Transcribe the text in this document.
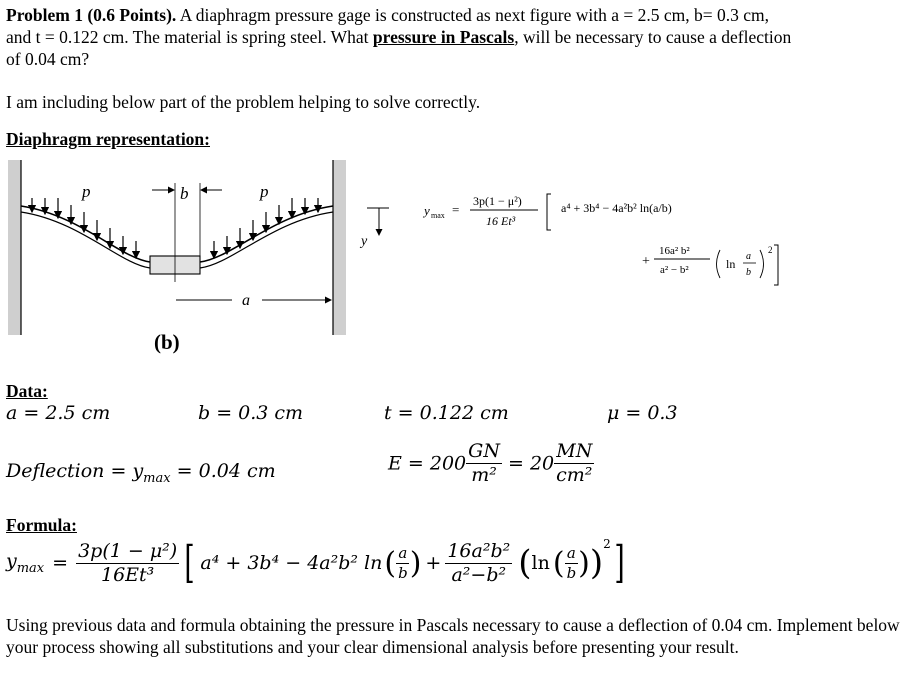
Problem 1 (0.6 Points). A diaphragm pressure gage is constructed as next figure with a = 2.5 cm, b= 0.3 cm,
and t = 0.122 cm. The material is spring steel. What pressure in Pascals, will be necessary to cause a deflection
of 0.04 cm?
I am including below part of the problem helping to solve correctly.
Diaphragm representation:
p	p
b
a
y
(b)
y max =
3p(1 − μ²)
16 Et³
a⁴ + 3b⁴ − 4a²b² ln(a/b)
+
16a² b²
a² − b²	ln
a
b
2
Data:
a = 2.5 cm	b = 0.3 cm	t = 0.122 cm	μ = 0.3
Deflection = $y_{max} = 0.04$ cm	$E = 200 \frac{GN}{\text{m²}} = 20 \frac{MN}{\text{cm²}}$
Formula:
$y_{max} = \frac{\text{3p(1 − μ²)}}{\text{16Et³}}$ [ a⁴ + 3b⁴ − 4a²b² ln ( $\frac{a}{b}$ ) + $\frac{\text{16a²b²}}{\text{a²−b²}}$ ( ln ( $\frac{a}{b}$ ) )$^2$ ]
Using previous data and formula obtaining the pressure in Pascals necessary to cause a deflection of 0.04 cm. Implement below your process showing all substitutions and your clear dimensional analysis before presenting your result.
